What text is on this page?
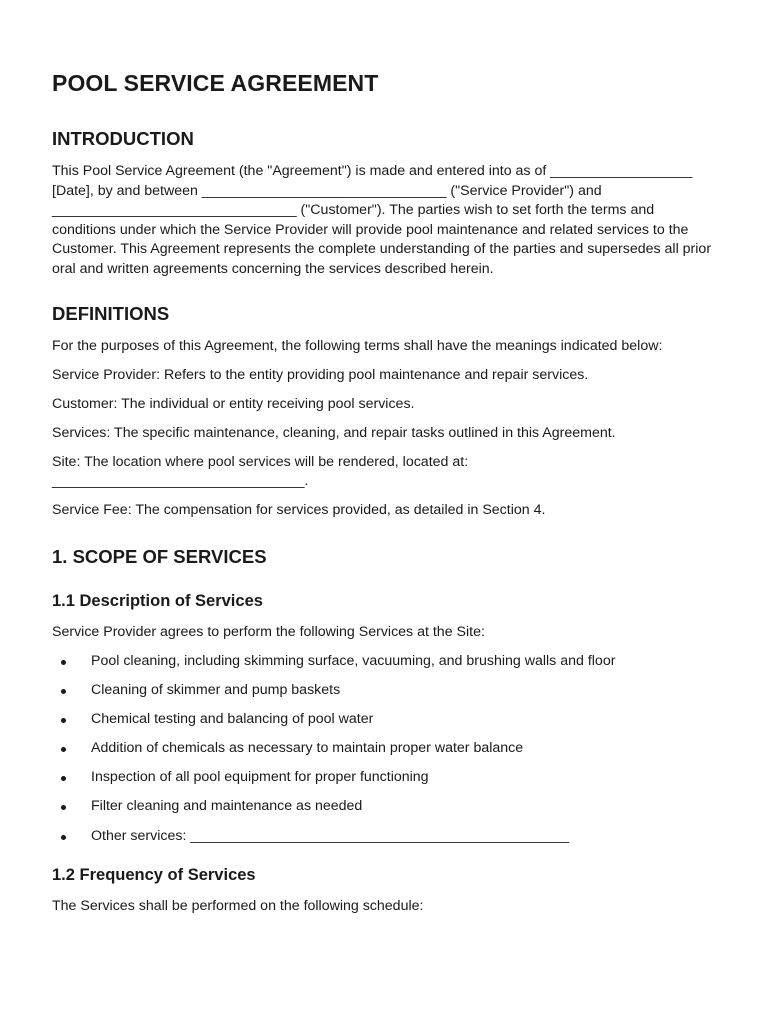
POOL SERVICE AGREEMENT
INTRODUCTION

This Pool Service Agreement (the "Agreement") is made and entered into as of __________________ [Date], by and between _______________________________ ("Service Provider") and _______________________________ ("Customer"). The parties wish to set forth the terms and conditions under which the Service Provider will provide pool maintenance and related services to the Customer. This Agreement represents the complete understanding of the parties and supersedes all prior oral and written agreements concerning the services described herein.

DEFINITIONS

For the purposes of this Agreement, the following terms shall have the meanings indicated below:

Service Provider: Refers to the entity providing pool maintenance and repair services.

Customer: The individual or entity receiving pool services.

Services: The specific maintenance, cleaning, and repair tasks outlined in this Agreement.

Site: The location where pool services will be rendered, located at: ________________________________.

Service Fee: The compensation for services provided, as detailed in Section 4.

1. SCOPE OF SERVICES
1.1 Description of Services

Service Provider agrees to perform the following Services at the Site:

Pool cleaning, including skimming surface, vacuuming, and brushing walls and floor
Cleaning of skimmer and pump baskets
Chemical testing and balancing of pool water
Addition of chemicals as necessary to maintain proper water balance
Inspection of all pool equipment for proper functioning
Filter cleaning and maintenance as needed
Other services: ________________________________________________
1.2 Frequency of Services

The Services shall be performed on the following schedule:
